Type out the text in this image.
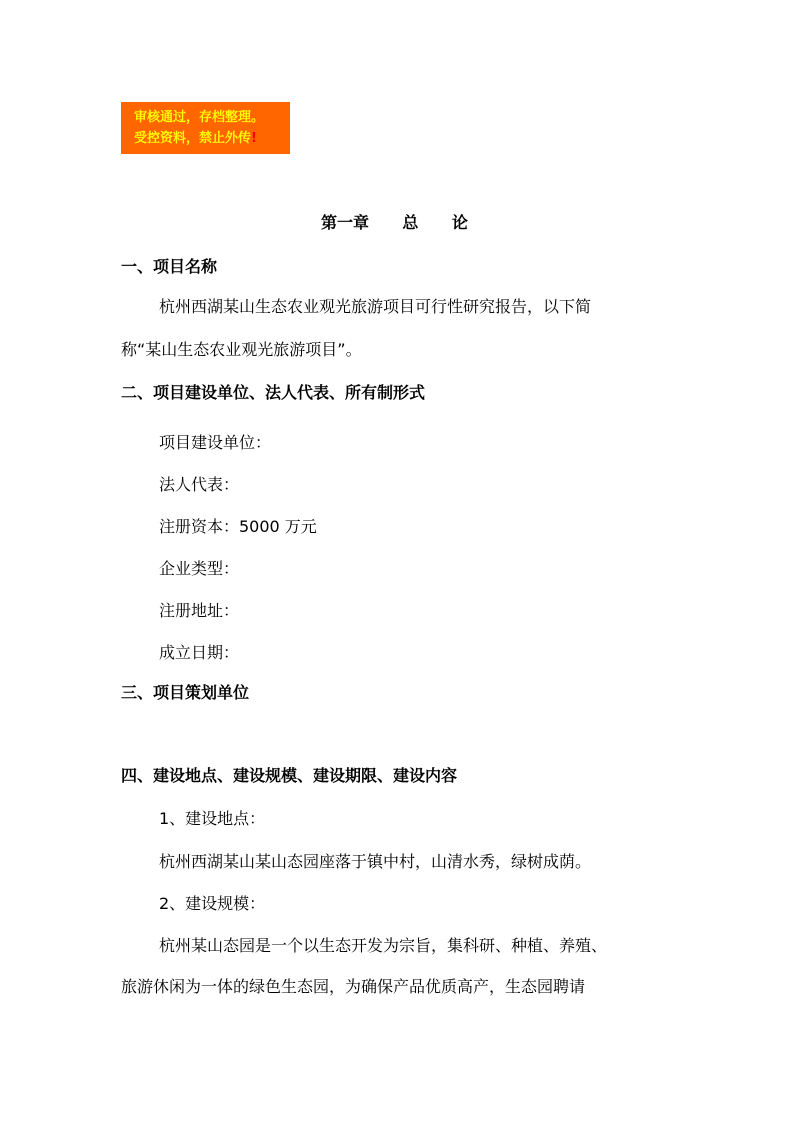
审核通过，存档整理。
受控资料，禁止外传!
第一章      总      论
一、项目名称
杭州西湖某山生态农业观光旅游项目可行性研究报告，以下简
称“某山生态农业观光旅游项目”。
二、项目建设单位、法人代表、所有制形式
项目建设单位：
法人代表：
注册资本：5000 万元
企业类型：
注册地址：
成立日期：
三、项目策划单位
四、建设地点、建设规模、建设期限、建设内容
1、建设地点：
杭州西湖某山某山态园座落于镇中村，山清水秀，绿树成荫。
2、建设规模：
杭州某山态园是一个以生态开发为宗旨，集科研、种植、养殖、
旅游休闲为一体的绿色生态园，为确保产品优质高产，生态园聘请
